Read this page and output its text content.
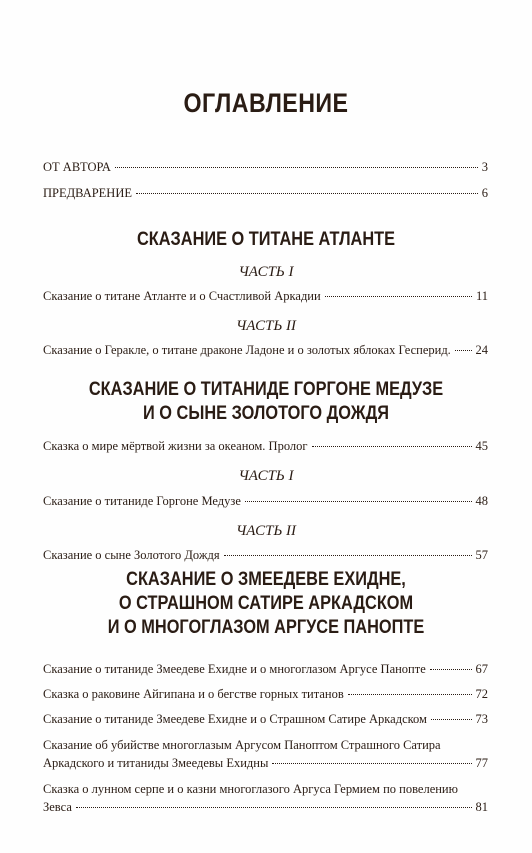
ОГЛАВЛЕНИЕ
ОТ АВТОРА	3
ПРЕДВАРЕНИЕ	6
СКАЗАНИЕ О ТИТАНЕ АТЛАНТЕ
ЧАСТЬ I
Сказание о титане Атланте и о Счастливой Аркадии	11
ЧАСТЬ II
Сказание о Геракле, о титане драконе Ладоне и о золотых яблоках Гесперид. 24
СКАЗАНИЕ О ТИТАНИДЕ ГОРГОНЕ МЕДУЗЕ
И О СЫНЕ ЗОЛОТОГО ДОЖДЯ
Сказка о мире мёртвой жизни за океаном. Пролог	45
ЧАСТЬ I
Сказание о титаниде Горгоне Медузе	48
ЧАСТЬ II
Сказание о сыне Золотого Дождя	57
СКАЗАНИЕ О ЗМЕЕДЕВЕ ЕХИДНЕ,
О СТРАШНОМ САТИРЕ АРКАДСКОМ
И О МНОГОГЛАЗОМ АРГУСЕ ПАНОПТЕ
Сказание о титаниде Змеедеве Ехидне и о многоглазом Аргусе Панопте	67
Сказка о раковине Айгипана и о бегстве горных титанов	72
Сказание о титаниде Змеедеве Ехидне и о Страшном Сатире Аркадском	73
Сказание об убийстве многоглазым Аргусом Паноптом Страшного Сатира
Аркадского и титаниды Змеедевы Ехидны	77
Сказка о лунном серпе и о казни многоглазого Аргуса Гермием по повелению
Зевса	81
